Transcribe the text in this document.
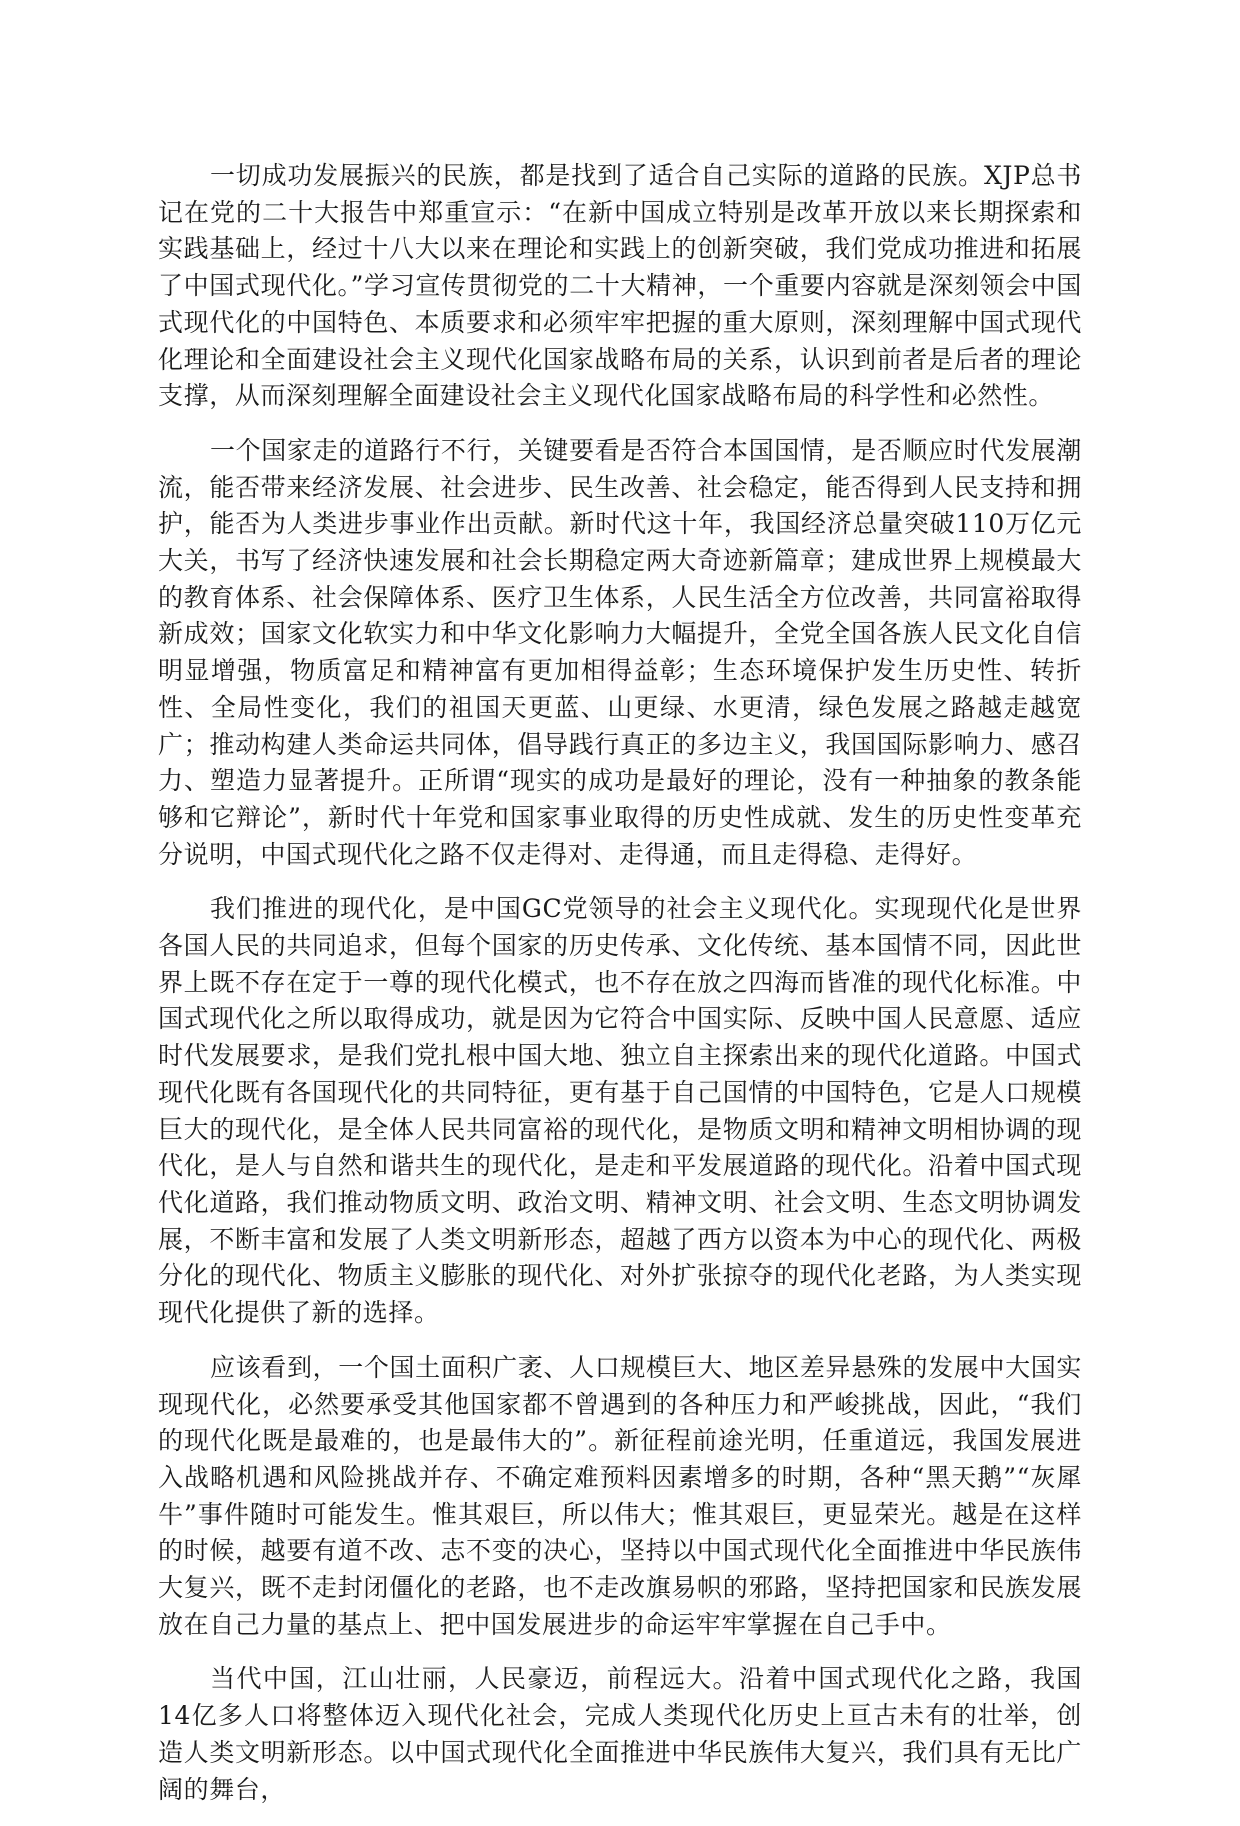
一切成功发展振兴的民族，都是找到了适合自己实际的道路的民族。XJP总书记在党的二十大报告中郑重宣示：“在新中国成立特别是改革开放以来长期探索和实践基础上，经过十八大以来在理论和实践上的创新突破，我们党成功推进和拓展了中国式现代化。”学习宣传贯彻党的二十大精神，一个重要内容就是深刻领会中国式现代化的中国特色、本质要求和必须牢牢把握的重大原则，深刻理解中国式现代化理论和全面建设社会主义现代化国家战略布局的关系，认识到前者是后者的理论支撑，从而深刻理解全面建设社会主义现代化国家战略布局的科学性和必然性。

一个国家走的道路行不行，关键要看是否符合本国国情，是否顺应时代发展潮流，能否带来经济发展、社会进步、民生改善、社会稳定，能否得到人民支持和拥护，能否为人类进步事业作出贡献。新时代这十年，我国经济总量突破110万亿元大关，书写了经济快速发展和社会长期稳定两大奇迹新篇章；建成世界上规模最大的教育体系、社会保障体系、医疗卫生体系，人民生活全方位改善，共同富裕取得新成效；国家文化软实力和中华文化影响力大幅提升，全党全国各族人民文化自信明显增强，物质富足和精神富有更加相得益彰；生态环境保护发生历史性、转折性、全局性变化，我们的祖国天更蓝、山更绿、水更清，绿色发展之路越走越宽广；推动构建人类命运共同体，倡导践行真正的多边主义，我国国际影响力、感召力、塑造力显著提升。正所谓“现实的成功是最好的理论，没有一种抽象的教条能够和它辩论”，新时代十年党和国家事业取得的历史性成就、发生的历史性变革充分说明，中国式现代化之路不仅走得对、走得通，而且走得稳、走得好。

我们推进的现代化，是中国GC党领导的社会主义现代化。实现现代化是世界各国人民的共同追求，但每个国家的历史传承、文化传统、基本国情不同，因此世界上既不存在定于一尊的现代化模式，也不存在放之四海而皆准的现代化标准。中国式现代化之所以取得成功，就是因为它符合中国实际、反映中国人民意愿、适应时代发展要求，是我们党扎根中国大地、独立自主探索出来的现代化道路。中国式现代化既有各国现代化的共同特征，更有基于自己国情的中国特色，它是人口规模巨大的现代化，是全体人民共同富裕的现代化，是物质文明和精神文明相协调的现代化，是人与自然和谐共生的现代化，是走和平发展道路的现代化。沿着中国式现代化道路，我们推动物质文明、政治文明、精神文明、社会文明、生态文明协调发展，不断丰富和发展了人类文明新形态，超越了西方以资本为中心的现代化、两极分化的现代化、物质主义膨胀的现代化、对外扩张掠夺的现代化老路，为人类实现现代化提供了新的选择。

应该看到，一个国土面积广袤、人口规模巨大、地区差异悬殊的发展中大国实现现代化，必然要承受其他国家都不曾遇到的各种压力和严峻挑战，因此，“我们的现代化既是最难的，也是最伟大的”。新征程前途光明，任重道远，我国发展进入战略机遇和风险挑战并存、不确定难预料因素增多的时期，各种“黑天鹅”“灰犀牛”事件随时可能发生。惟其艰巨，所以伟大；惟其艰巨，更显荣光。越是在这样的时候，越要有道不改、志不变的决心，坚持以中国式现代化全面推进中华民族伟大复兴，既不走封闭僵化的老路，也不走改旗易帜的邪路，坚持把国家和民族发展放在自己力量的基点上、把中国发展进步的命运牢牢掌握在自己手中。

当代中国，江山壮丽，人民豪迈，前程远大。沿着中国式现代化之路，我国14亿多人口将整体迈入现代化社会，完成人类现代化历史上亘古未有的壮举，创造人类文明新形态。以中国式现代化全面推进中华民族伟大复兴，我们具有无比广阔的舞台，
